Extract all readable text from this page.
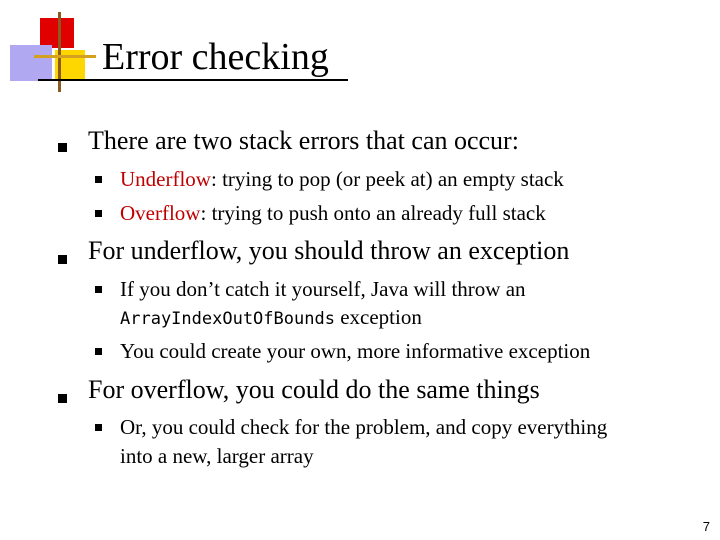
Error checking
There are two stack errors that can occur:
Underflow: trying to pop (or peek at) an empty stack
Overflow: trying to push onto an already full stack
For underflow, you should throw an exception
If you don’t catch it yourself, Java will throw an
ArrayIndexOutOfBounds exception
You could create your own, more informative exception
For overflow, you could do the same things
Or, you could check for the problem, and copy everything
into a new, larger array
7
